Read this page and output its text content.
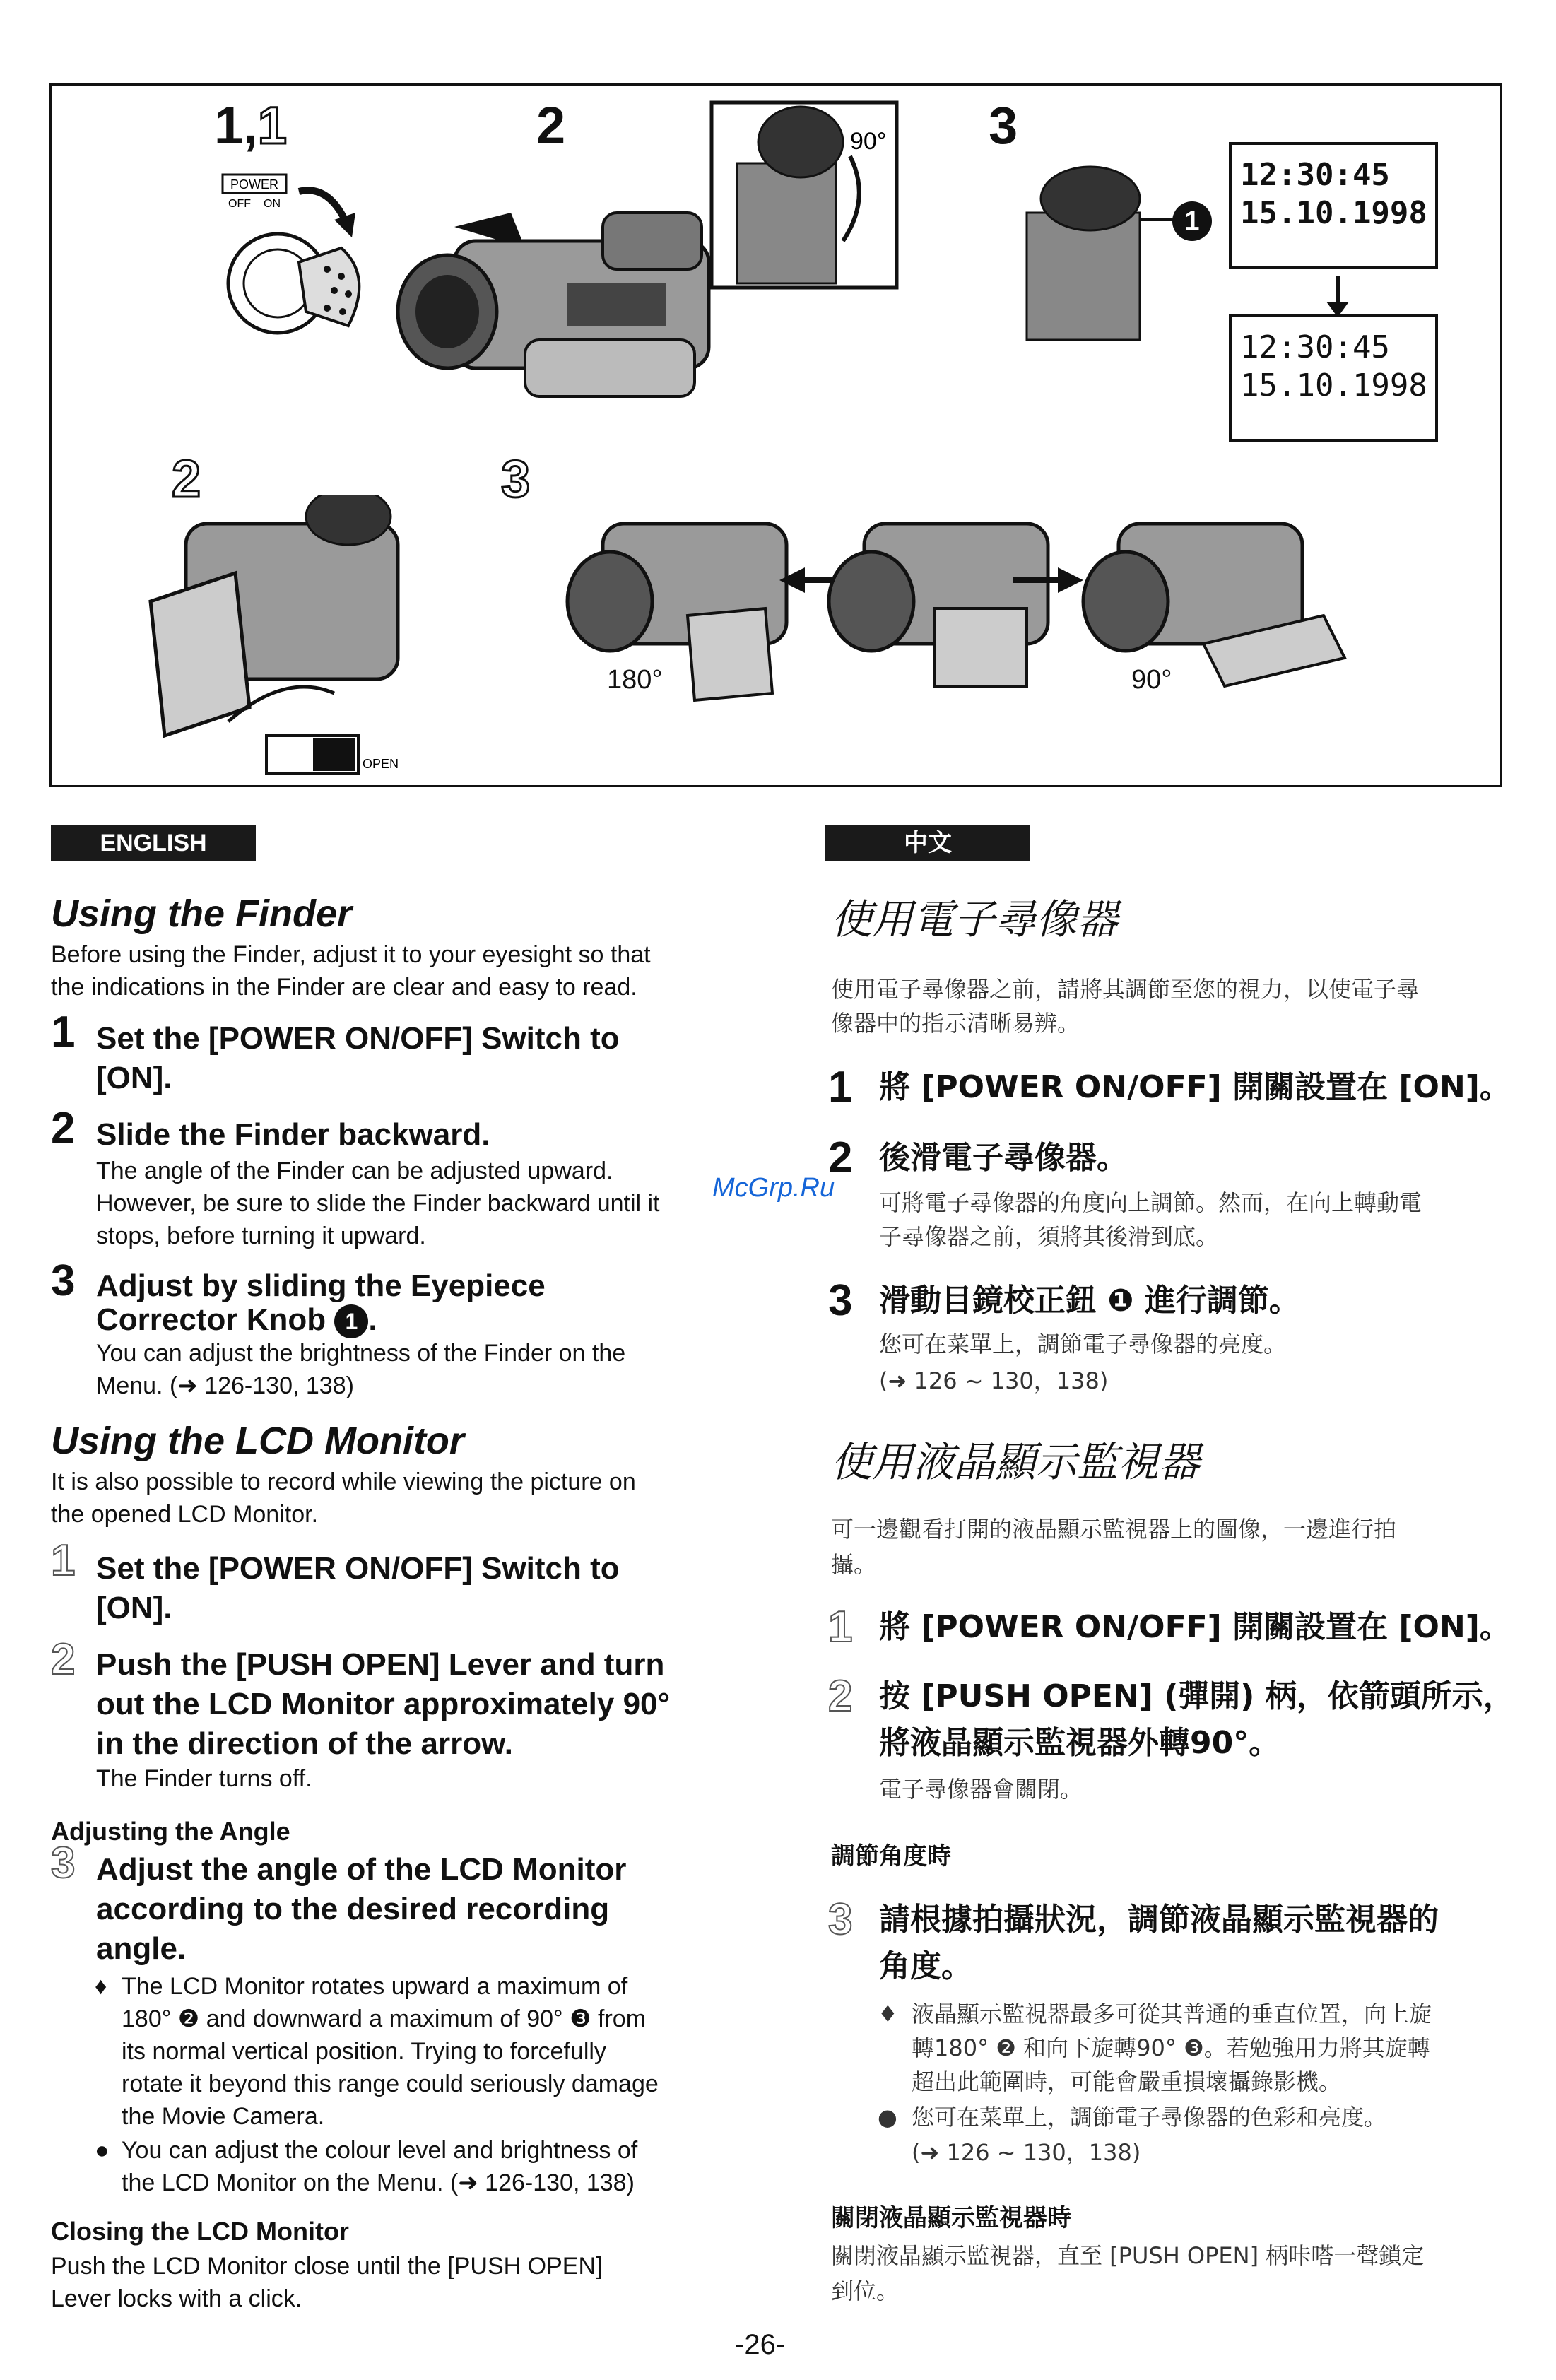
1,1	2	3
2	3
POWER
OFF ON
90°
1
12:30:45
15.10.1998
12:30:45
15.10.1998
OPEN
180°	90°
ENGLISH
Using the Finder
Before using the Finder, adjust it to your eyesight so that
the indications in the Finder are clear and easy to read.
1 Set the [POWER ON/OFF] Switch to
[ON].
2 Slide the Finder backward.
The angle of the Finder can be adjusted upward.
However, be sure to slide the Finder backward until it
stops, before turning it upward.
3 Adjust by sliding the Eyepiece
Corrector Knob 1 .
You can adjust the brightness of the Finder on the
Menu. (➜ 126-130, 138)
Using the LCD Monitor
It is also possible to record while viewing the picture on
the opened LCD Monitor.
1 Set the [POWER ON/OFF] Switch to
[ON].
2 Push the [PUSH OPEN] Lever and turn
out the LCD Monitor approximately 90°
in the direction of the arrow.
The Finder turns off.
Adjusting the Angle
3 Adjust the angle of the LCD Monitor
according to the desired recording
angle.
♦ The LCD Monitor rotates upward a maximum of
180° ❷ and downward a maximum of 90° ❸ from
its normal vertical position. Trying to forcefully
rotate it beyond this range could seriously damage
the Movie Camera.
● You can adjust the colour level and brightness of
the LCD Monitor on the Menu. (➜ 126-130, 138)
Closing the LCD Monitor
Push the LCD Monitor close until the [PUSH OPEN]
Lever locks with a click.
McGrp.Ru
中文
使用電子尋像器
使用電子尋像器之前，請將其調節至您的視力，以使電子尋
像器中的指示清晰易辨。
1 將 [POWER ON/OFF] 開關設置在 [ON]。
2 後滑電子尋像器。
可將電子尋像器的角度向上調節。然而，在向上轉動電
子尋像器之前，須將其後滑到底。
3 滑動目鏡校正鈕 ❶ 進行調節。
您可在菜單上，調節電子尋像器的亮度。
(➜ 126 ~ 130，138)
使用液晶顯示監視器
可一邊觀看打開的液晶顯示監視器上的圖像，一邊進行拍
攝。
1 將 [POWER ON/OFF] 開關設置在 [ON]。
2 按 [PUSH OPEN] (彈開) 柄，依箭頭所示，
將液晶顯示監視器外轉90°。
電子尋像器會關閉。
調節角度時
3 請根據拍攝狀況，調節液晶顯示監視器的
角度。
♦ 液晶顯示監視器最多可從其普通的垂直位置，向上旋
轉180° ❷ 和向下旋轉90° ❸。若勉強用力將其旋轉
超出此範圍時，可能會嚴重損壞攝錄影機。
● 您可在菜單上，調節電子尋像器的色彩和亮度。
(➜ 126 ~ 130，138)
關閉液晶顯示監視器時
關閉液晶顯示監視器，直至 [PUSH OPEN] 柄咔嗒一聲鎖定
到位。
-26-
